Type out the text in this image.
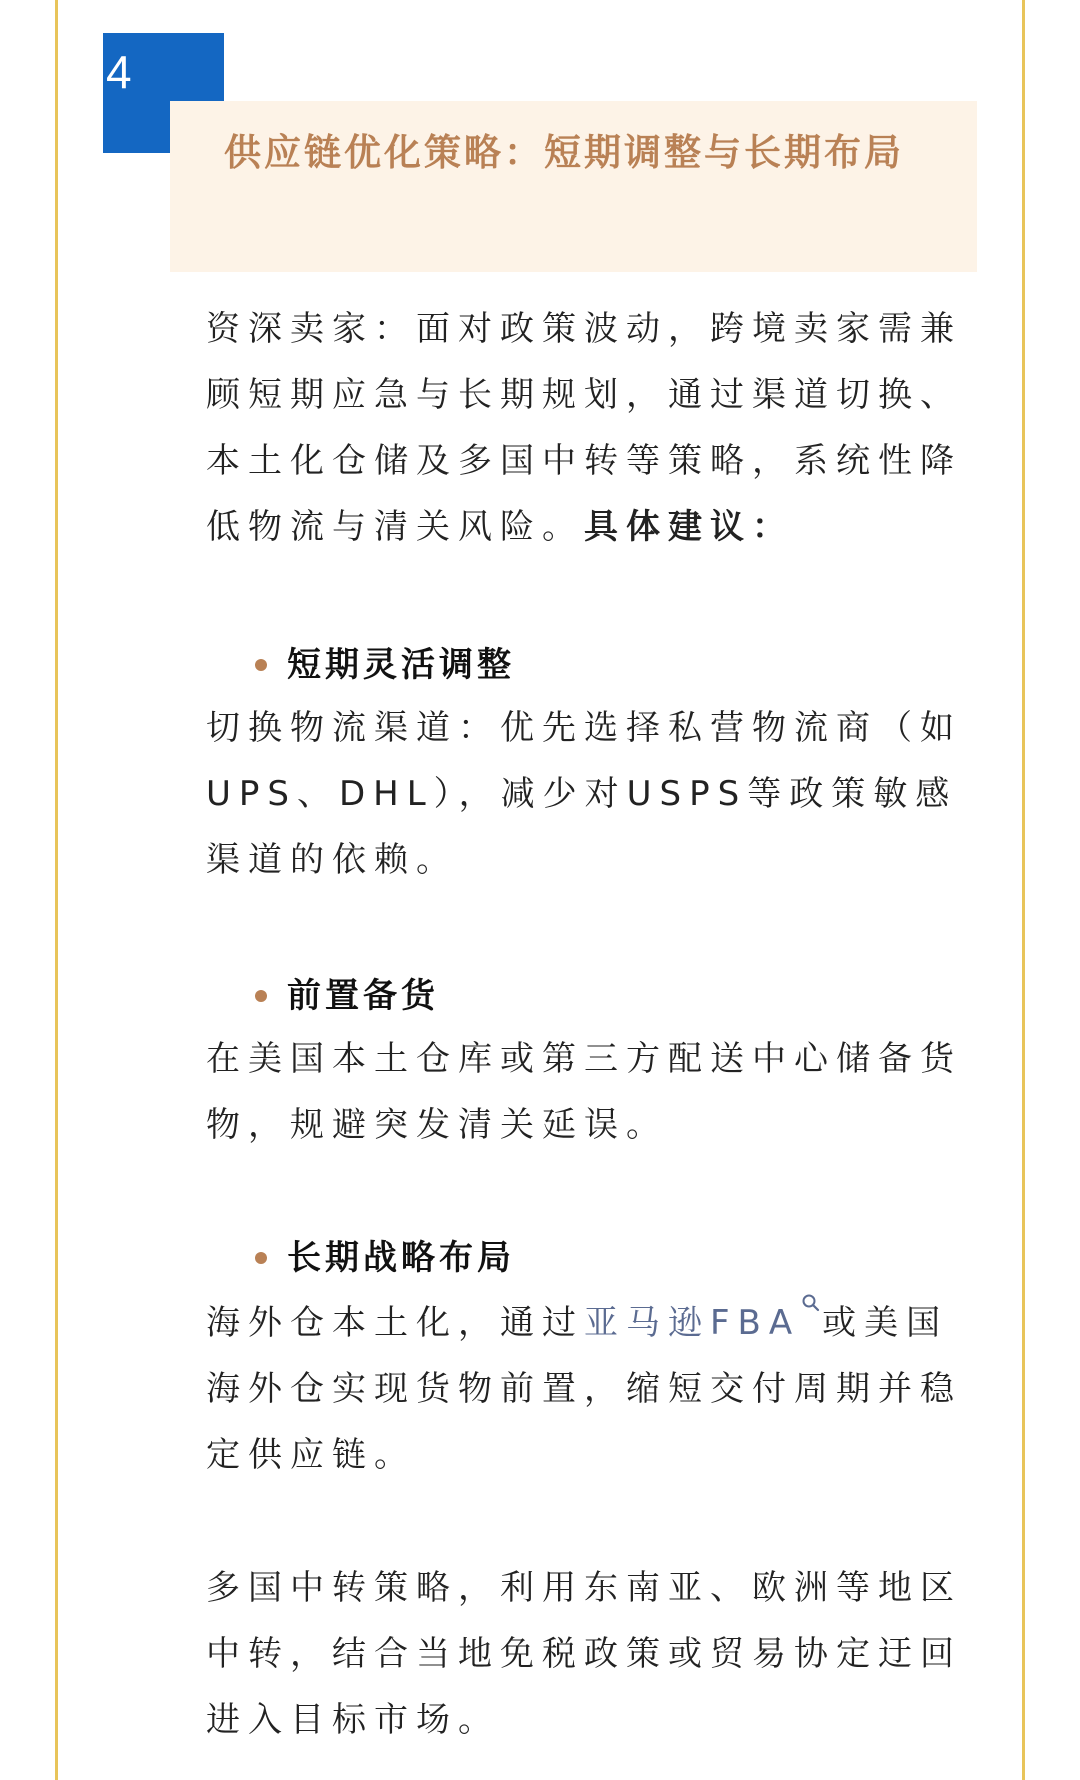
4
供应链优化策略：短期调整与长期布局

资深卖家：面对政策波动，跨境卖家需兼顾短期应急与长期规划，通过渠道切换、本土化仓储及多国中转等策略，系统性降低物流与清关风险。具体建议：

短期灵活调整

切换物流渠道：优先选择私营物流商（如UPS、DHL），减少对USPS等政策敏感渠道的依赖。

前置备货

在美国本土仓库或第三方配送中心储备货物，规避突发清关延误。

长期战略布局

海外仓本土化，通过亚马逊FBA 或美国海外仓实现货物前置，缩短交付周期并稳定供应链。

多国中转策略，利用东南亚、欧洲等地区中转，结合当地免税政策或贸易协定迂回进入目标市场。
